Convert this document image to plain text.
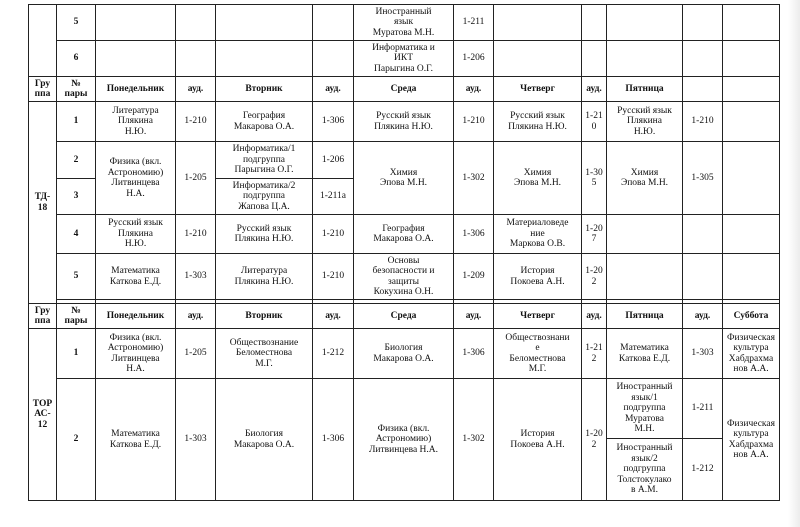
	5					Иностранный
язык
Муратова М.Н.	1-211					
	6					Информатика и
ИКТ
Парыгина О.Г.	1-206					
Гру
ппа	№
пары	Понедельник	ауд.	Вторник	ауд.	Среда	ауд.	Четверг	ауд.	Пятница		
ТД-
18	1	Литература
Плякина
Н.Ю.	1-210	География
Макарова О.А.	1-306	Русский язык
Плякина Н.Ю.	1-210	Русский язык
Плякина Н.Ю.	1-21
0	Русский язык
Плякина
Н.Ю.	1-210	
	2	Физика (вкл.
Астрономию)
Литвинцева
Н.А.	1-205	Информатика/1
подгруппа
Парыгина О.Г.	1-206	Химия
Эпова М.Н.	1-302	Химия
Эпова М.Н.	1-30
5	Химия
Эпова М.Н.	1-305	
	3			Информатика/2
подгруппа
Жапова Ц.А.	1-211а							
	4	Русский язык
Плякина
Н.Ю.	1-210	Русский язык
Плякина Н.Ю.	1-210	География
Макарова О.А.	1-306	Материаловеде
ние
Маркова О.В.	1-20
7			
	5	Математика
Каткова Е.Д.	1-303	Литература
Плякина Н.Ю.	1-210	Основы
безопасности и
защиты
Кокухина О.Н.	1-209	История
Покоева А.Н.	1-20
2			

Гру
ппа	№
пары	Понедельник	ауд.	Вторник	ауд.	Среда	ауд.	Четверг	ауд.	Пятница	ауд.	Суббота
ТОР
АС-
12	1	Физика (вкл.
Астрономию)
Литвинцева
Н.А.	1-205	Обществознание
Беломестнова
М.Г.	1-212	Биология
Макарова О.А.	1-306	Обществознани
е
Беломестнова
М.Г.	1-21
2	Математика
Каткова Е.Д.	1-303	Физическая
культура
Хабдрахма
нов А.А.
	2	Математика
Каткова Е.Д.	1-303	Биология
Макарова О.А.	1-306	Физика (вкл.
Астрономию)
Литвинцева Н.А.	1-302	История
Покоева А.Н.	1-20
2	Иностранный
язык/1
подгруппа
Муратова
М.Н.	1-211	Физическая
культура
Хабдрахма
нов А.А.
										Иностранный
язык/2
подгруппа
Толстокулако
в А.М.	1-212	
